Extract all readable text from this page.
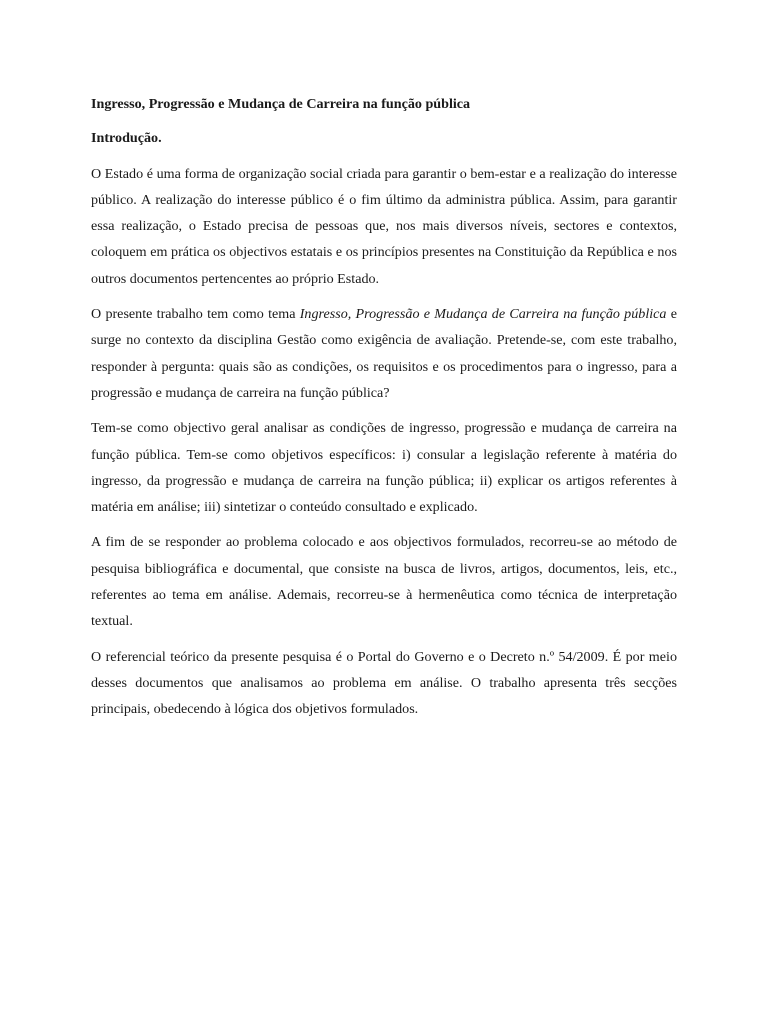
Ingresso, Progressão e Mudança de Carreira na função pública

Introdução.

O Estado é uma forma de organização social criada para garantir o bem-estar e a realização do interesse público. A realização do interesse público é o fim último da administra pública. Assim, para garantir essa realização, o Estado precisa de pessoas que, nos mais diversos níveis, sectores e contextos, coloquem em prática os objectivos estatais e os princípios presentes na Constituição da República e nos outros documentos pertencentes ao próprio Estado.

O presente trabalho tem como tema Ingresso, Progressão e Mudança de Carreira na função pública e surge no contexto da disciplina Gestão como exigência de avaliação. Pretende-se, com este trabalho, responder à pergunta: quais são as condições, os requisitos e os procedimentos para o ingresso, para a progressão e mudança de carreira na função pública?

Tem-se como objectivo geral analisar as condições de ingresso, progressão e mudança de carreira na função pública. Tem-se como objetivos específicos: i) consular a legislação referente à matéria do ingresso, da progressão e mudança de carreira na função pública; ii) explicar os artigos referentes à matéria em análise; iii) sintetizar o conteúdo consultado e explicado.

A fim de se responder ao problema colocado e aos objectivos formulados, recorreu-se ao método de pesquisa bibliográfica e documental, que consiste na busca de livros, artigos, documentos, leis, etc., referentes ao tema em análise. Ademais, recorreu-se à hermenêutica como técnica de interpretação textual.

O referencial teórico da presente pesquisa é o Portal do Governo e o Decreto n.º 54/2009. É por meio desses documentos que analisamos ao problema em análise. O trabalho apresenta três secções principais, obedecendo à lógica dos objetivos formulados.
